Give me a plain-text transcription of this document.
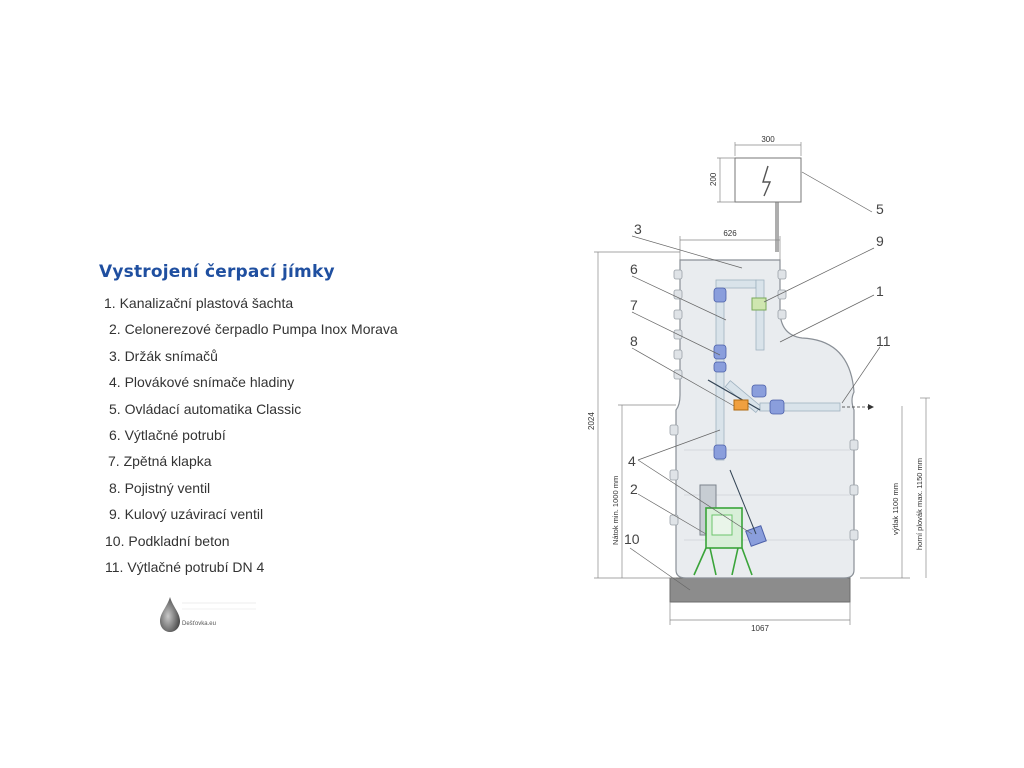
Vystrojení čerpací jímky
1. Kanalizační plastová šachta
2. Celonerezové čerpadlo Pumpa Inox Morava
3. Držák snímačů
4. Plovákové snímače hladiny
5. Ovládací automatika Classic
6. Výtlačné potrubí
7. Zpětná klapka
8. Pojistný ventil
9. Kulový uzávirací ventil
10. Podkladní beton
11. Výtlačné potrubí DN 4
Dešťovka.eu
300
200
626
2024
1067
Nátok min. 1000 mm	výtlak 1100 mm horní plovák max. 1150 mm
3
6
7
8
4
2
10
5
9
1
11
